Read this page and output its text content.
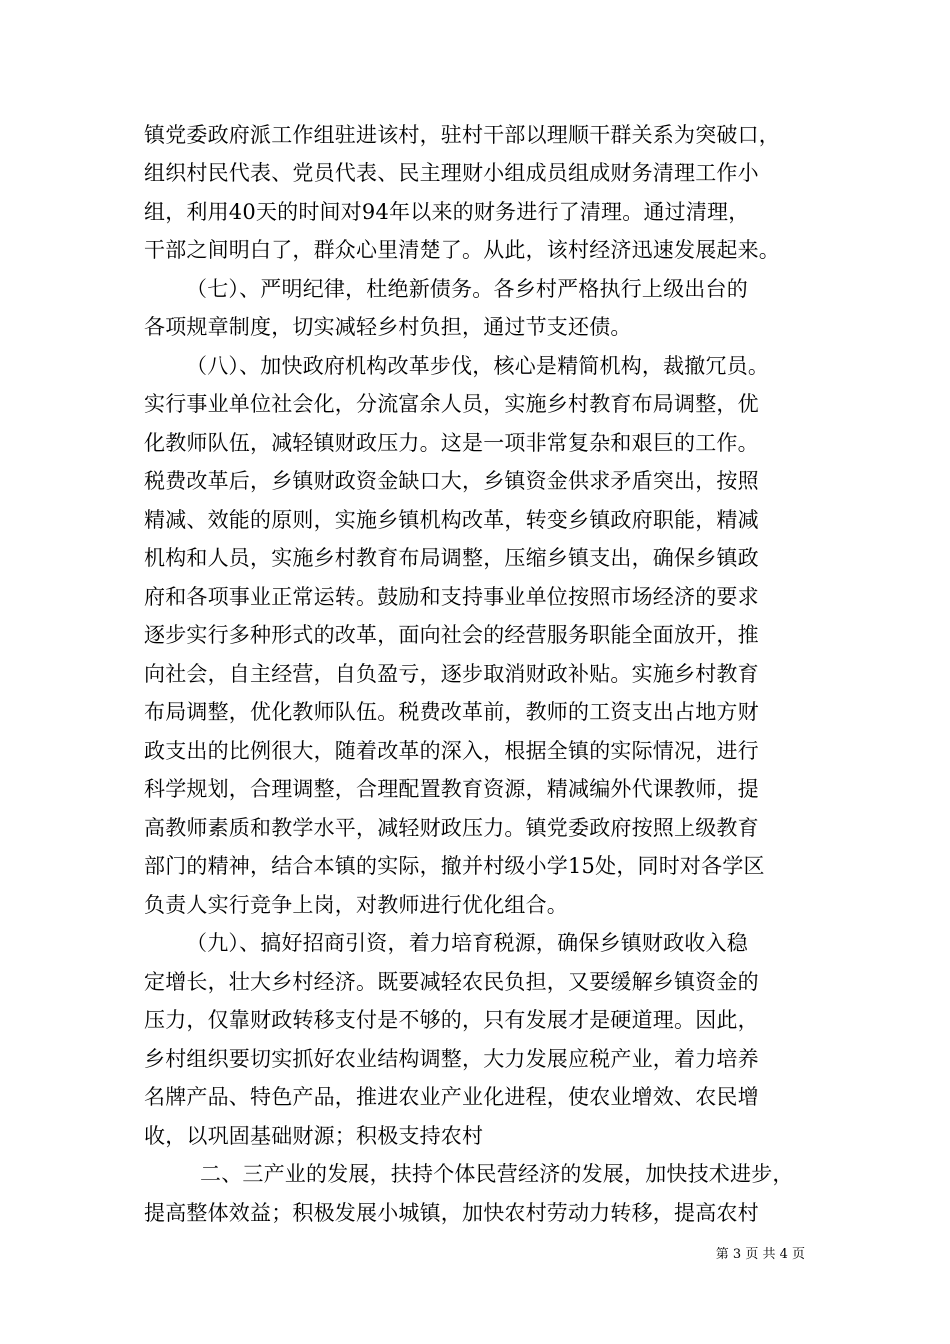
镇党委政府派工作组驻进该村，驻村干部以理顺干群关系为突破口，
组织村民代表、党员代表、民主理财小组成员组成财务清理工作小
组，利用40天的时间对94年以来的财务进行了清理。通过清理，
干部之间明白了，群众心里清楚了。从此，该村经济迅速发展起来。
（七）、严明纪律，杜绝新债务。各乡村严格执行上级出台的
各项规章制度，切实减轻乡村负担，通过节支还债。
（八）、加快政府机构改革步伐，核心是精简机构，裁撤冗员。
实行事业单位社会化，分流富余人员，实施乡村教育布局调整，优
化教师队伍，减轻镇财政压力。这是一项非常复杂和艰巨的工作。
税费改革后，乡镇财政资金缺口大，乡镇资金供求矛盾突出，按照
精减、效能的原则，实施乡镇机构改革，转变乡镇政府职能，精减
机构和人员，实施乡村教育布局调整，压缩乡镇支出，确保乡镇政
府和各项事业正常运转。鼓励和支持事业单位按照市场经济的要求
逐步实行多种形式的改革，面向社会的经营服务职能全面放开，推
向社会，自主经营，自负盈亏，逐步取消财政补贴。实施乡村教育
布局调整，优化教师队伍。税费改革前，教师的工资支出占地方财
政支出的比例很大，随着改革的深入，根据全镇的实际情况，进行
科学规划，合理调整，合理配置教育资源，精减编外代课教师，提
高教师素质和教学水平，减轻财政压力。镇党委政府按照上级教育
部门的精神，结合本镇的实际，撤并村级小学15处，同时对各学区
负责人实行竞争上岗，对教师进行优化组合。
（九）、搞好招商引资，着力培育税源，确保乡镇财政收入稳
定增长，壮大乡村经济。既要减轻农民负担，又要缓解乡镇资金的
压力，仅靠财政转移支付是不够的，只有发展才是硬道理。因此，
乡村组织要切实抓好农业结构调整，大力发展应税产业，着力培养
名牌产品、特色产品，推进农业产业化进程，使农业增效、农民增
收，以巩固基础财源；积极支持农村
二、三产业的发展，扶持个体民营经济的发展，加快技术进步，
提高整体效益；积极发展小城镇，加快农村劳动力转移，提高农村
第 3 页 共 4 页
